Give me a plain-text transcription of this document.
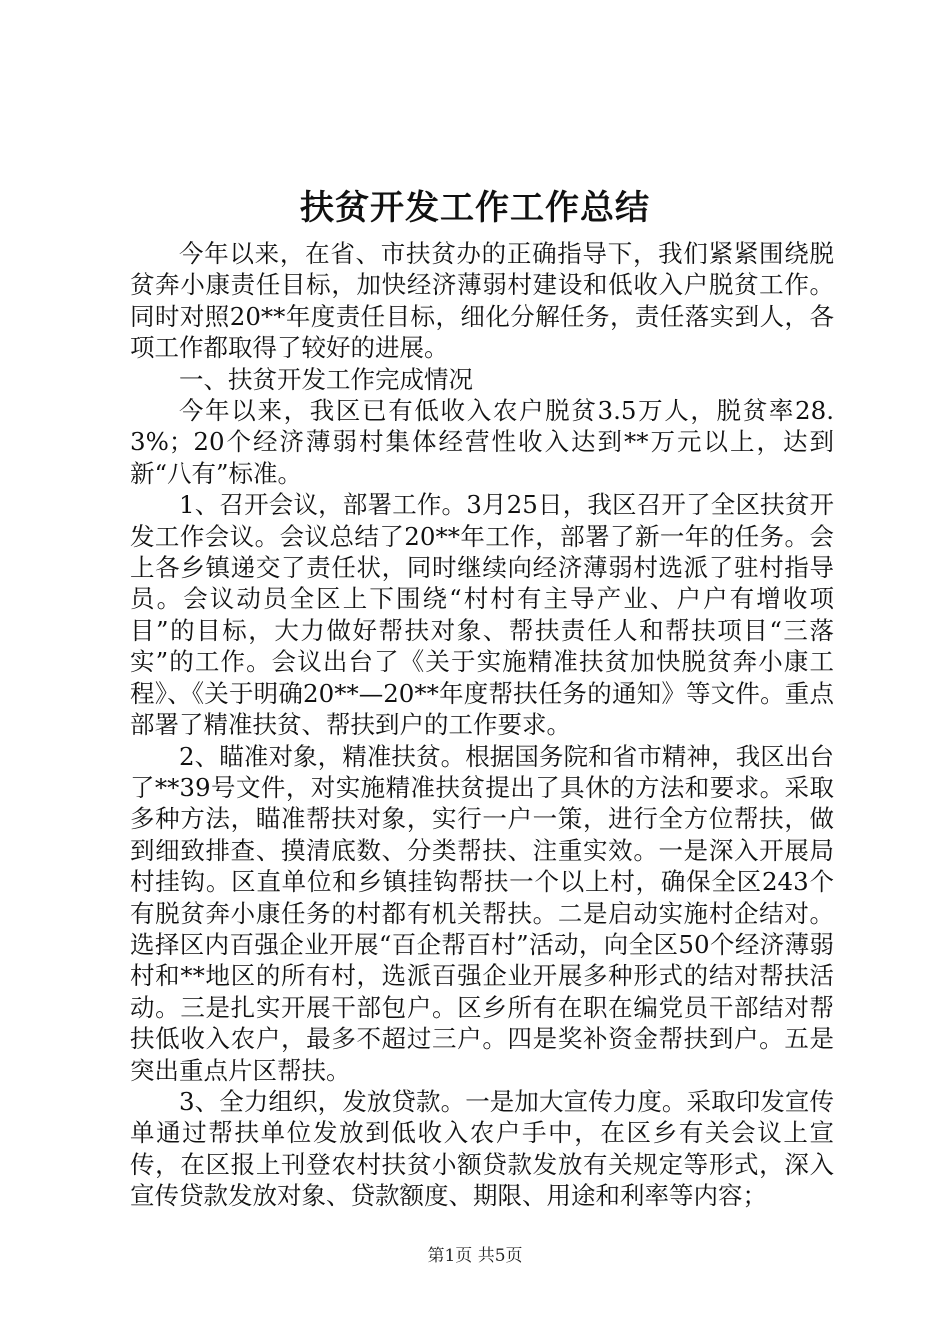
扶贫开发工作工作总结

今年以来，在省、市扶贫办的正确指导下，我们紧紧围绕脱贫奔小康责任目标，加快经济薄弱村建设和低收入户脱贫工作。同时对照20**年度责任目标，细化分解任务，责任落实到人，各项工作都取得了较好的进展。

一、扶贫开发工作完成情况

今年以来，我区已有低收入农户脱贫3.5万人，脱贫率28.3%；20个经济薄弱村集体经营性收入达到**万元以上，达到新“八有”标准。

1、召开会议，部署工作。3月25日，我区召开了全区扶贫开发工作会议。会议总结了20**年工作，部署了新一年的任务。会上各乡镇递交了责任状，同时继续向经济薄弱村选派了驻村指导员。会议动员全区上下围绕“村村有主导产业、户户有增收项目”的目标，大力做好帮扶对象、帮扶责任人和帮扶项目“三落实”的工作。会议出台了《关于实施精准扶贫加快脱贫奔小康工程》、《关于明确20**—20**年度帮扶任务的通知》等文件。重点部署了精准扶贫、帮扶到户的工作要求。

2、瞄准对象，精准扶贫。根据国务院和省市精神，我区出台了**39号文件，对实施精准扶贫提出了具休的方法和要求。采取多种方法，瞄准帮扶对象，实行一户一策，进行全方位帮扶，做到细致排查、摸清底数、分类帮扶、注重实效。一是深入开展局村挂钩。区直单位和乡镇挂钩帮扶一个以上村，确保全区243个有脱贫奔小康任务的村都有机关帮扶。二是启动实施村企结对。选择区内百强企业开展“百企帮百村”活动，向全区50个经济薄弱村和**地区的所有村，选派百强企业开展多种形式的结对帮扶活动。三是扎实开展干部包户。区乡所有在职在编党员干部结对帮扶低收入农户，最多不超过三户。四是奖补资金帮扶到户。五是突出重点片区帮扶。

3、全力组织，发放贷款。一是加大宣传力度。采取印发宣传单通过帮扶单位发放到低收入农户手中，在区乡有关会议上宣传，在区报上刊登农村扶贫小额贷款发放有关规定等形式，深入宣传贷款发放对象、贷款额度、期限、用途和利率等内容；

第1页 共5页
